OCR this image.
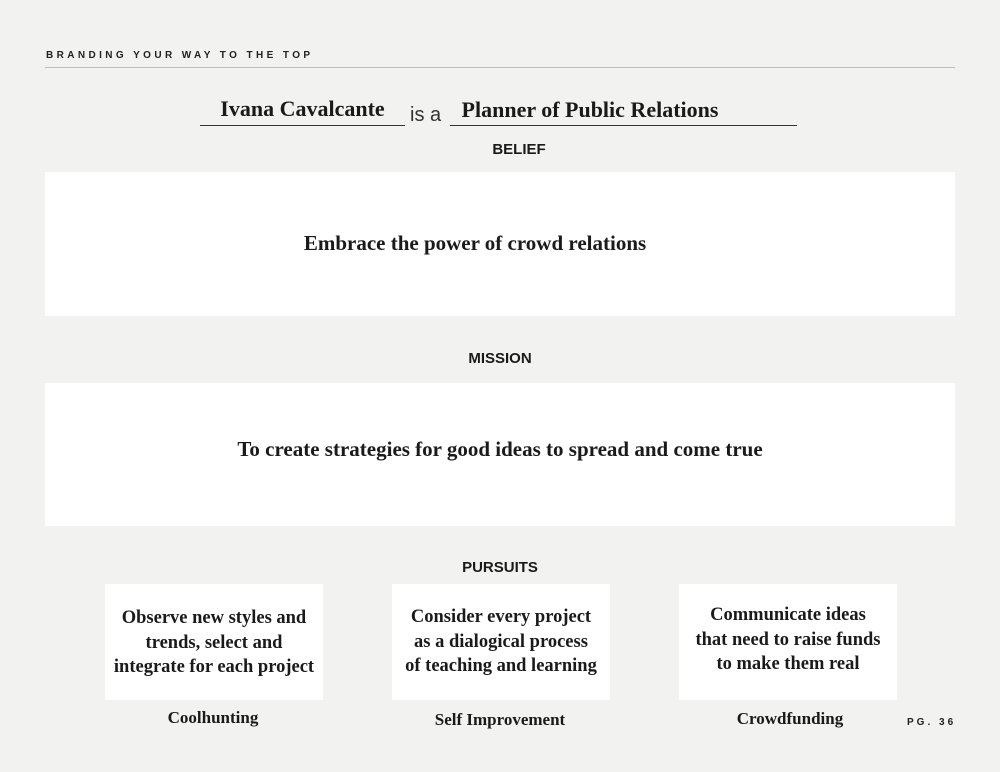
BRANDING YOUR WAY TO THE TOP
Ivana Cavalcante	is a Planner of Public Relations
BELIEF
Embrace the power of crowd relations
MISSION
To create strategies for good ideas to spread and come true
PURSUITS
Observe new styles and
trends, select and
integrate for each project
Consider every project
as a dialogical process
of teaching and learning
Communicate ideas
that need to raise funds
to make them real
Coolhunting	Self Improvement	Crowdfunding	PG. 36
